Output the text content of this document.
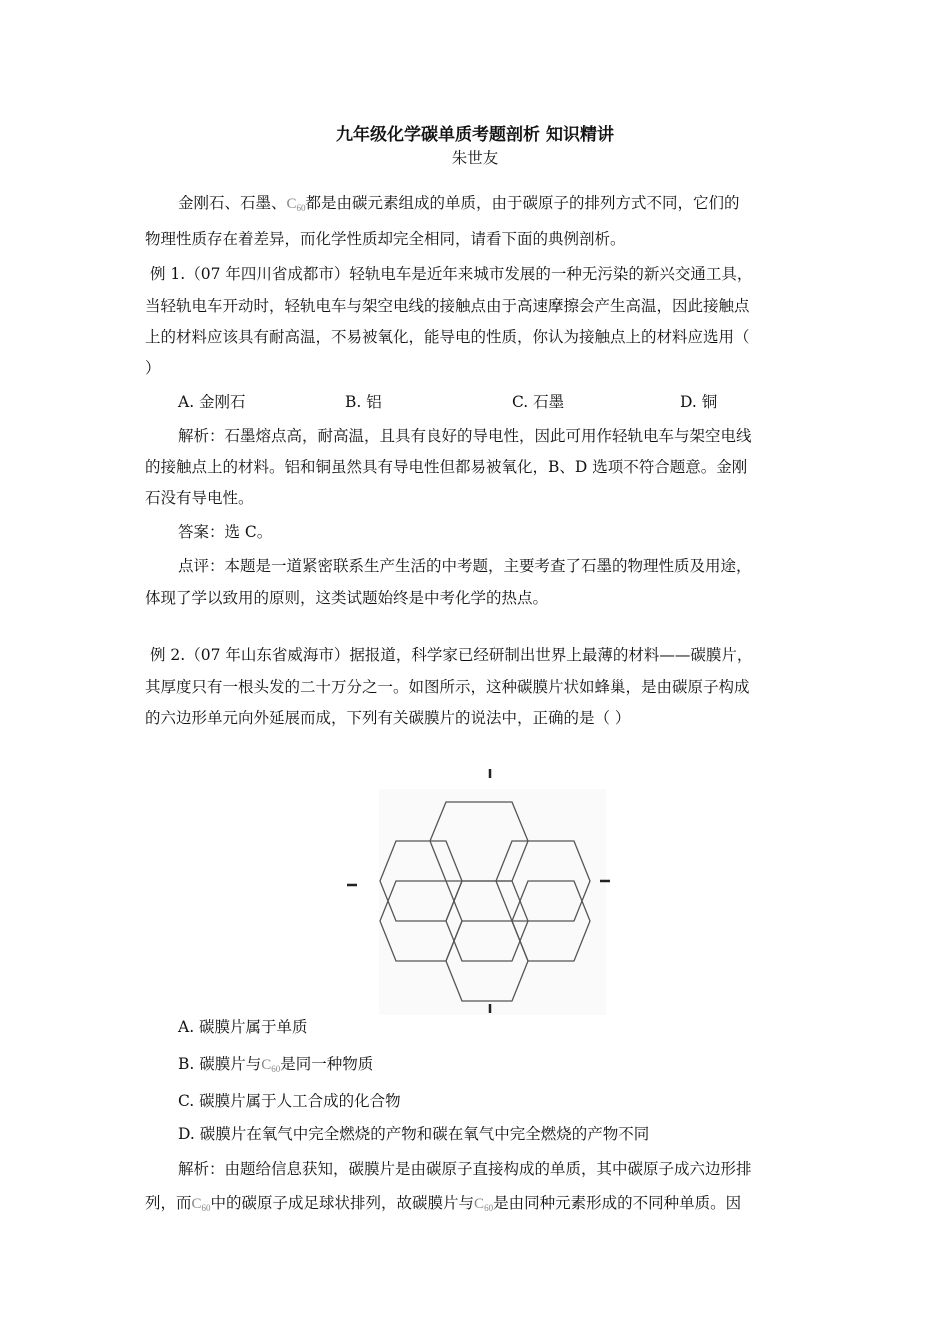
九年级化学碳单质考题剖析 知识精讲
朱世友
金刚石、石墨、$C_{60}$都是由碳元素组成的单质，由于碳原子的排列方式不同，它们的
物理性质存在着差异，而化学性质却完全相同，请看下面的典例剖析。
例 1.（07 年四川省成都市）轻轨电车是近年来城市发展的一种无污染的新兴交通工具，
当轻轨电车开动时，轻轨电车与架空电线的接触点由于高速摩擦会产生高温，因此接触点
上的材料应该具有耐高温，不易被氧化，能导电的性质，你认为接触点上的材料应选用（
）
A. 金刚石	B. 铝	C. 石墨	D. 铜
解析：石墨熔点高，耐高温，且具有良好的导电性，因此可用作轻轨电车与架空电线
的接触点上的材料。铝和铜虽然具有导电性但都易被氧化，B、D 选项不符合题意。金刚
石没有导电性。
答案：选 C。
点评：本题是一道紧密联系生产生活的中考题，主要考查了石墨的物理性质及用途，
体现了学以致用的原则，这类试题始终是中考化学的热点。
例 2.（07 年山东省威海市）据报道，科学家已经研制出世界上最薄的材料——碳膜片，
其厚度只有一根头发的二十万分之一。如图所示，这种碳膜片状如蜂巢，是由碳原子构成
的六边形单元向外延展而成，下列有关碳膜片的说法中，正确的是（ ）
A. 碳膜片属于单质
B. 碳膜片与$C_{60}$是同一种物质
C. 碳膜片属于人工合成的化合物
D. 碳膜片在氧气中完全燃烧的产物和碳在氧气中完全燃烧的产物不同
解析：由题给信息获知，碳膜片是由碳原子直接构成的单质，其中碳原子成六边形排
列，而$C_{60}$中的碳原子成足球状排列，故碳膜片与$C_{60}$是由同种元素形成的不同种单质。因
